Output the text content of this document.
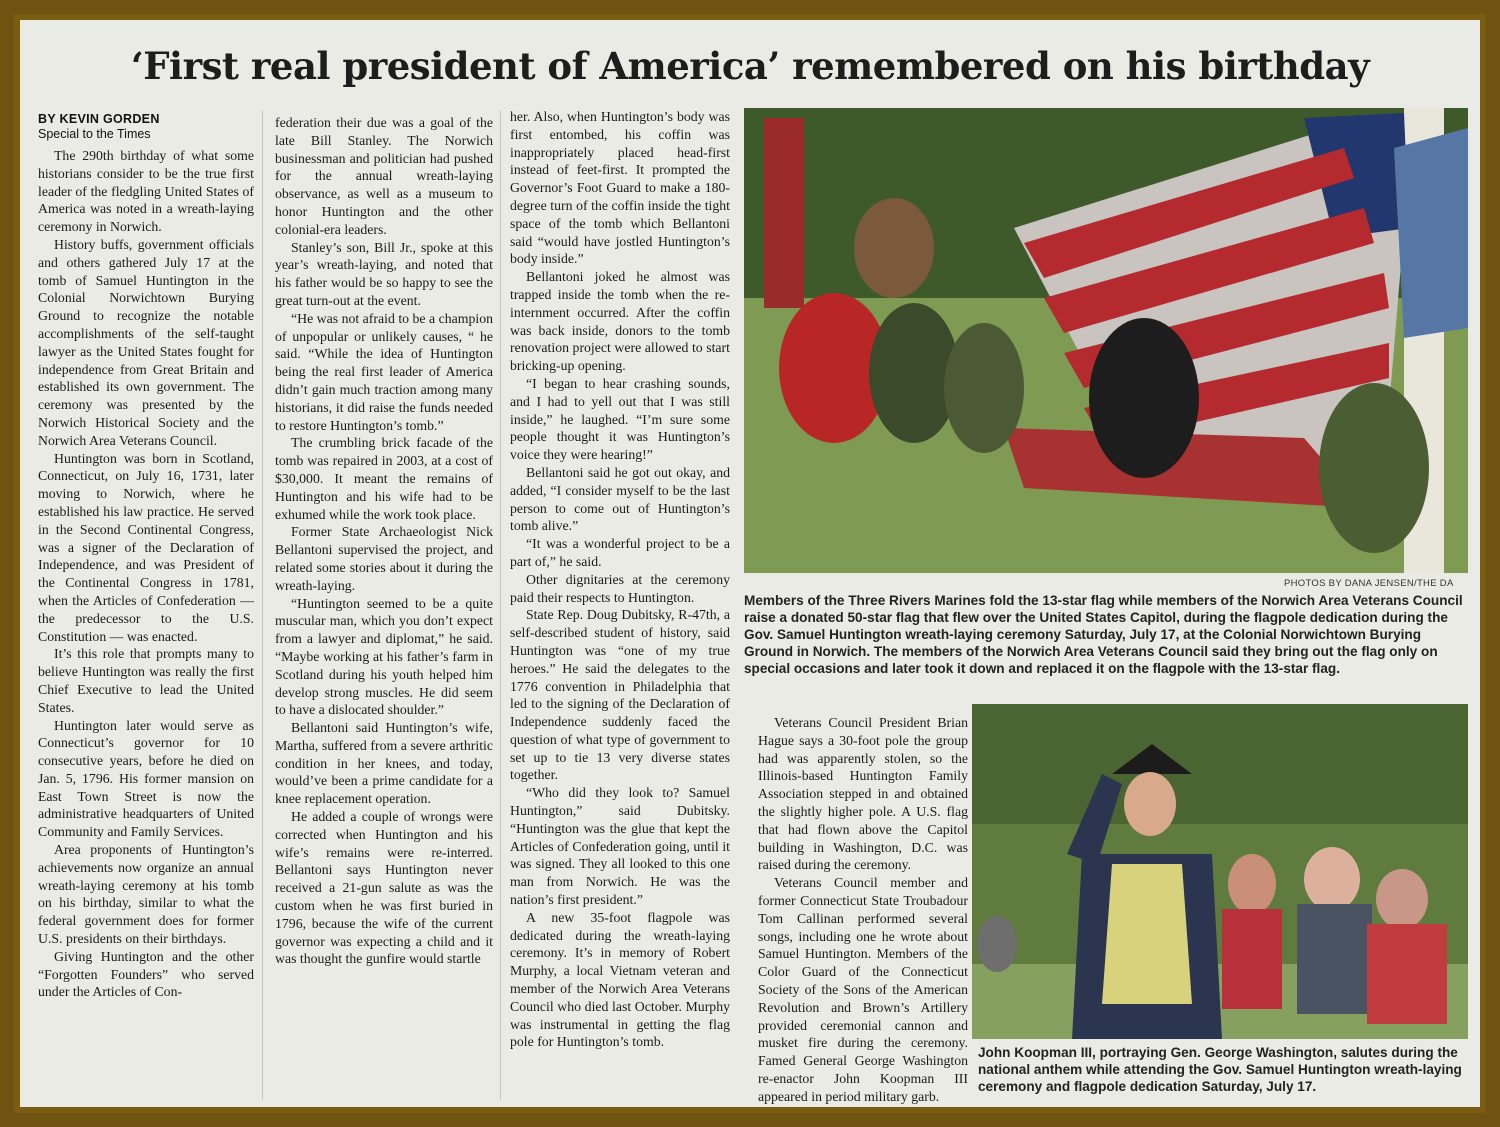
‘First real president of America’ remembered on his birthday
BY KEVIN GORDEN
Special to the Times

The 290th birthday of what some historians consider to be the true first leader of the fledgling United States of America was noted in a wreath-laying ceremony in Norwich.

History buffs, government officials and others gathered July 17 at the tomb of Samuel Huntington in the Colonial Norwichtown Burying Ground to recognize the notable accomplishments of the self-taught lawyer as the United States fought for independence from Great Britain and established its own government. The ceremony was presented by the Norwich Historical Society and the Norwich Area Veterans Council.

Huntington was born in Scotland, Connecticut, on July 16, 1731, later moving to Norwich, where he established his law practice. He served in the Second Continental Congress, was a signer of the Declaration of Independence, and was President of the Continental Congress in 1781, when the Articles of Confederation — the predecessor to the U.S. Constitution — was enacted.

It’s this role that prompts many to believe Huntington was really the first Chief Executive to lead the United States.

Huntington later would serve as Connecticut’s governor for 10 consecutive years, before he died on Jan. 5, 1796. His former mansion on East Town Street is now the administrative headquarters of United Community and Family Services.

Area proponents of Huntington’s achievements now organize an annual wreath-laying ceremony at his tomb on his birthday, similar to what the federal government does for former U.S. presidents on their birthdays.

Giving Huntington and the other “Forgotten Founders” who served under the Articles of Con-

federation their due was a goal of the late Bill Stanley. The Norwich businessman and politician had pushed for the annual wreath-laying observance, as well as a museum to honor Huntington and the other colonial-era leaders.

Stanley’s son, Bill Jr., spoke at this year’s wreath-laying, and noted that his father would be so happy to see the great turn-out at the event.

“He was not afraid to be a champion of unpopular or unlikely causes, “ he said. “While the idea of Huntington being the real first leader of America didn’t gain much traction among many historians, it did raise the funds needed to restore Huntington’s tomb.”

The crumbling brick facade of the tomb was repaired in 2003, at a cost of $30,000. It meant the remains of Huntington and his wife had to be exhumed while the work took place.

Former State Archaeologist Nick Bellantoni supervised the project, and related some stories about it during the wreath-laying.

“Huntington seemed to be a quite muscular man, which you don’t expect from a lawyer and diplomat,” he said. “Maybe working at his father’s farm in Scotland during his youth helped him develop strong muscles. He did seem to have a dislocated shoulder.”

Bellantoni said Huntington’s wife, Martha, suffered from a severe arthritic condition in her knees, and today, would’ve been a prime candidate for a knee replacement operation.

He added a couple of wrongs were corrected when Huntington and his wife’s remains were re-interred. Bellantoni says Huntington never received a 21-gun salute as was the custom when he was first buried in 1796, because the wife of the current governor was expecting a child and it was thought the gunfire would startle

her. Also, when Huntington’s body was first entombed, his coffin was inappropriately placed head-first instead of feet-first. It prompted the Governor’s Foot Guard to make a 180-degree turn of the coffin inside the tight space of the tomb which Bellantoni said “would have jostled Huntington’s body inside.”

Bellantoni joked he almost was trapped inside the tomb when the re-internment occurred. After the coffin was back inside, donors to the tomb renovation project were allowed to start bricking-up opening.

“I began to hear crashing sounds, and I had to yell out that I was still inside,” he laughed. “I’m sure some people thought it was Huntington’s voice they were hearing!”

Bellantoni said he got out okay, and added, “I consider myself to be the last person to come out of Huntington’s tomb alive.”

“It was a wonderful project to be a part of,” he said.

Other dignitaries at the ceremony paid their respects to Huntington.

State Rep. Doug Dubitsky, R-47th, a self-described student of history, said Huntington was “one of my true heroes.” He said the delegates to the 1776 convention in Philadelphia that led to the signing of the Declaration of Independence suddenly faced the question of what type of government to set up to tie 13 very diverse states together.

“Who did they look to? Samuel Huntington,” said Dubitsky. “Huntington was the glue that kept the Articles of Confederation going, until it was signed. They all looked to this one man from Norwich. He was the nation’s first president.”

A new 35-foot flagpole was dedicated during the wreath-laying ceremony. It’s in memory of Robert Murphy, a local Vietnam veteran and member of the Norwich Area Veterans Council who died last October. Murphy was instrumental in getting the flag pole for Huntington’s tomb.

PHOTOS BY DANA JENSEN/THE DA

Members of the Three Rivers Marines fold the 13-star flag while members of the Norwich Area Veterans Council raise a donated 50-star flag that flew over the United States Capitol, during the flagpole dedication during the Gov. Samuel Huntington wreath-laying ceremony Saturday, July 17, at the Colonial Norwichtown Burying Ground in Norwich. The members of the Norwich Area Veterans Council said they bring out the flag only on special occasions and later took it down and replaced it on the flagpole with the 13-star flag.

Veterans Council President Brian Hague says a 30-foot pole the group had was apparently stolen, so the Illinois-based Huntington Family Association stepped in and obtained the slightly higher pole. A U.S. flag that had flown above the Capitol building in Washington, D.C. was raised during the ceremony.

Veterans Council member and former Connecticut State Troubadour Tom Callinan performed several songs, including one he wrote about Samuel Huntington. Members of the Color Guard of the Connecticut Society of the Sons of the American Revolution and Brown’s Artillery provided ceremonial cannon and musket fire during the ceremony. Famed General George Washington re-enactor John Koopman III appeared in period military garb.

John Koopman III, portraying Gen. George Washington, salutes during the national anthem while attending the Gov. Samuel Huntington wreath-laying ceremony and flagpole dedication Saturday, July 17.
